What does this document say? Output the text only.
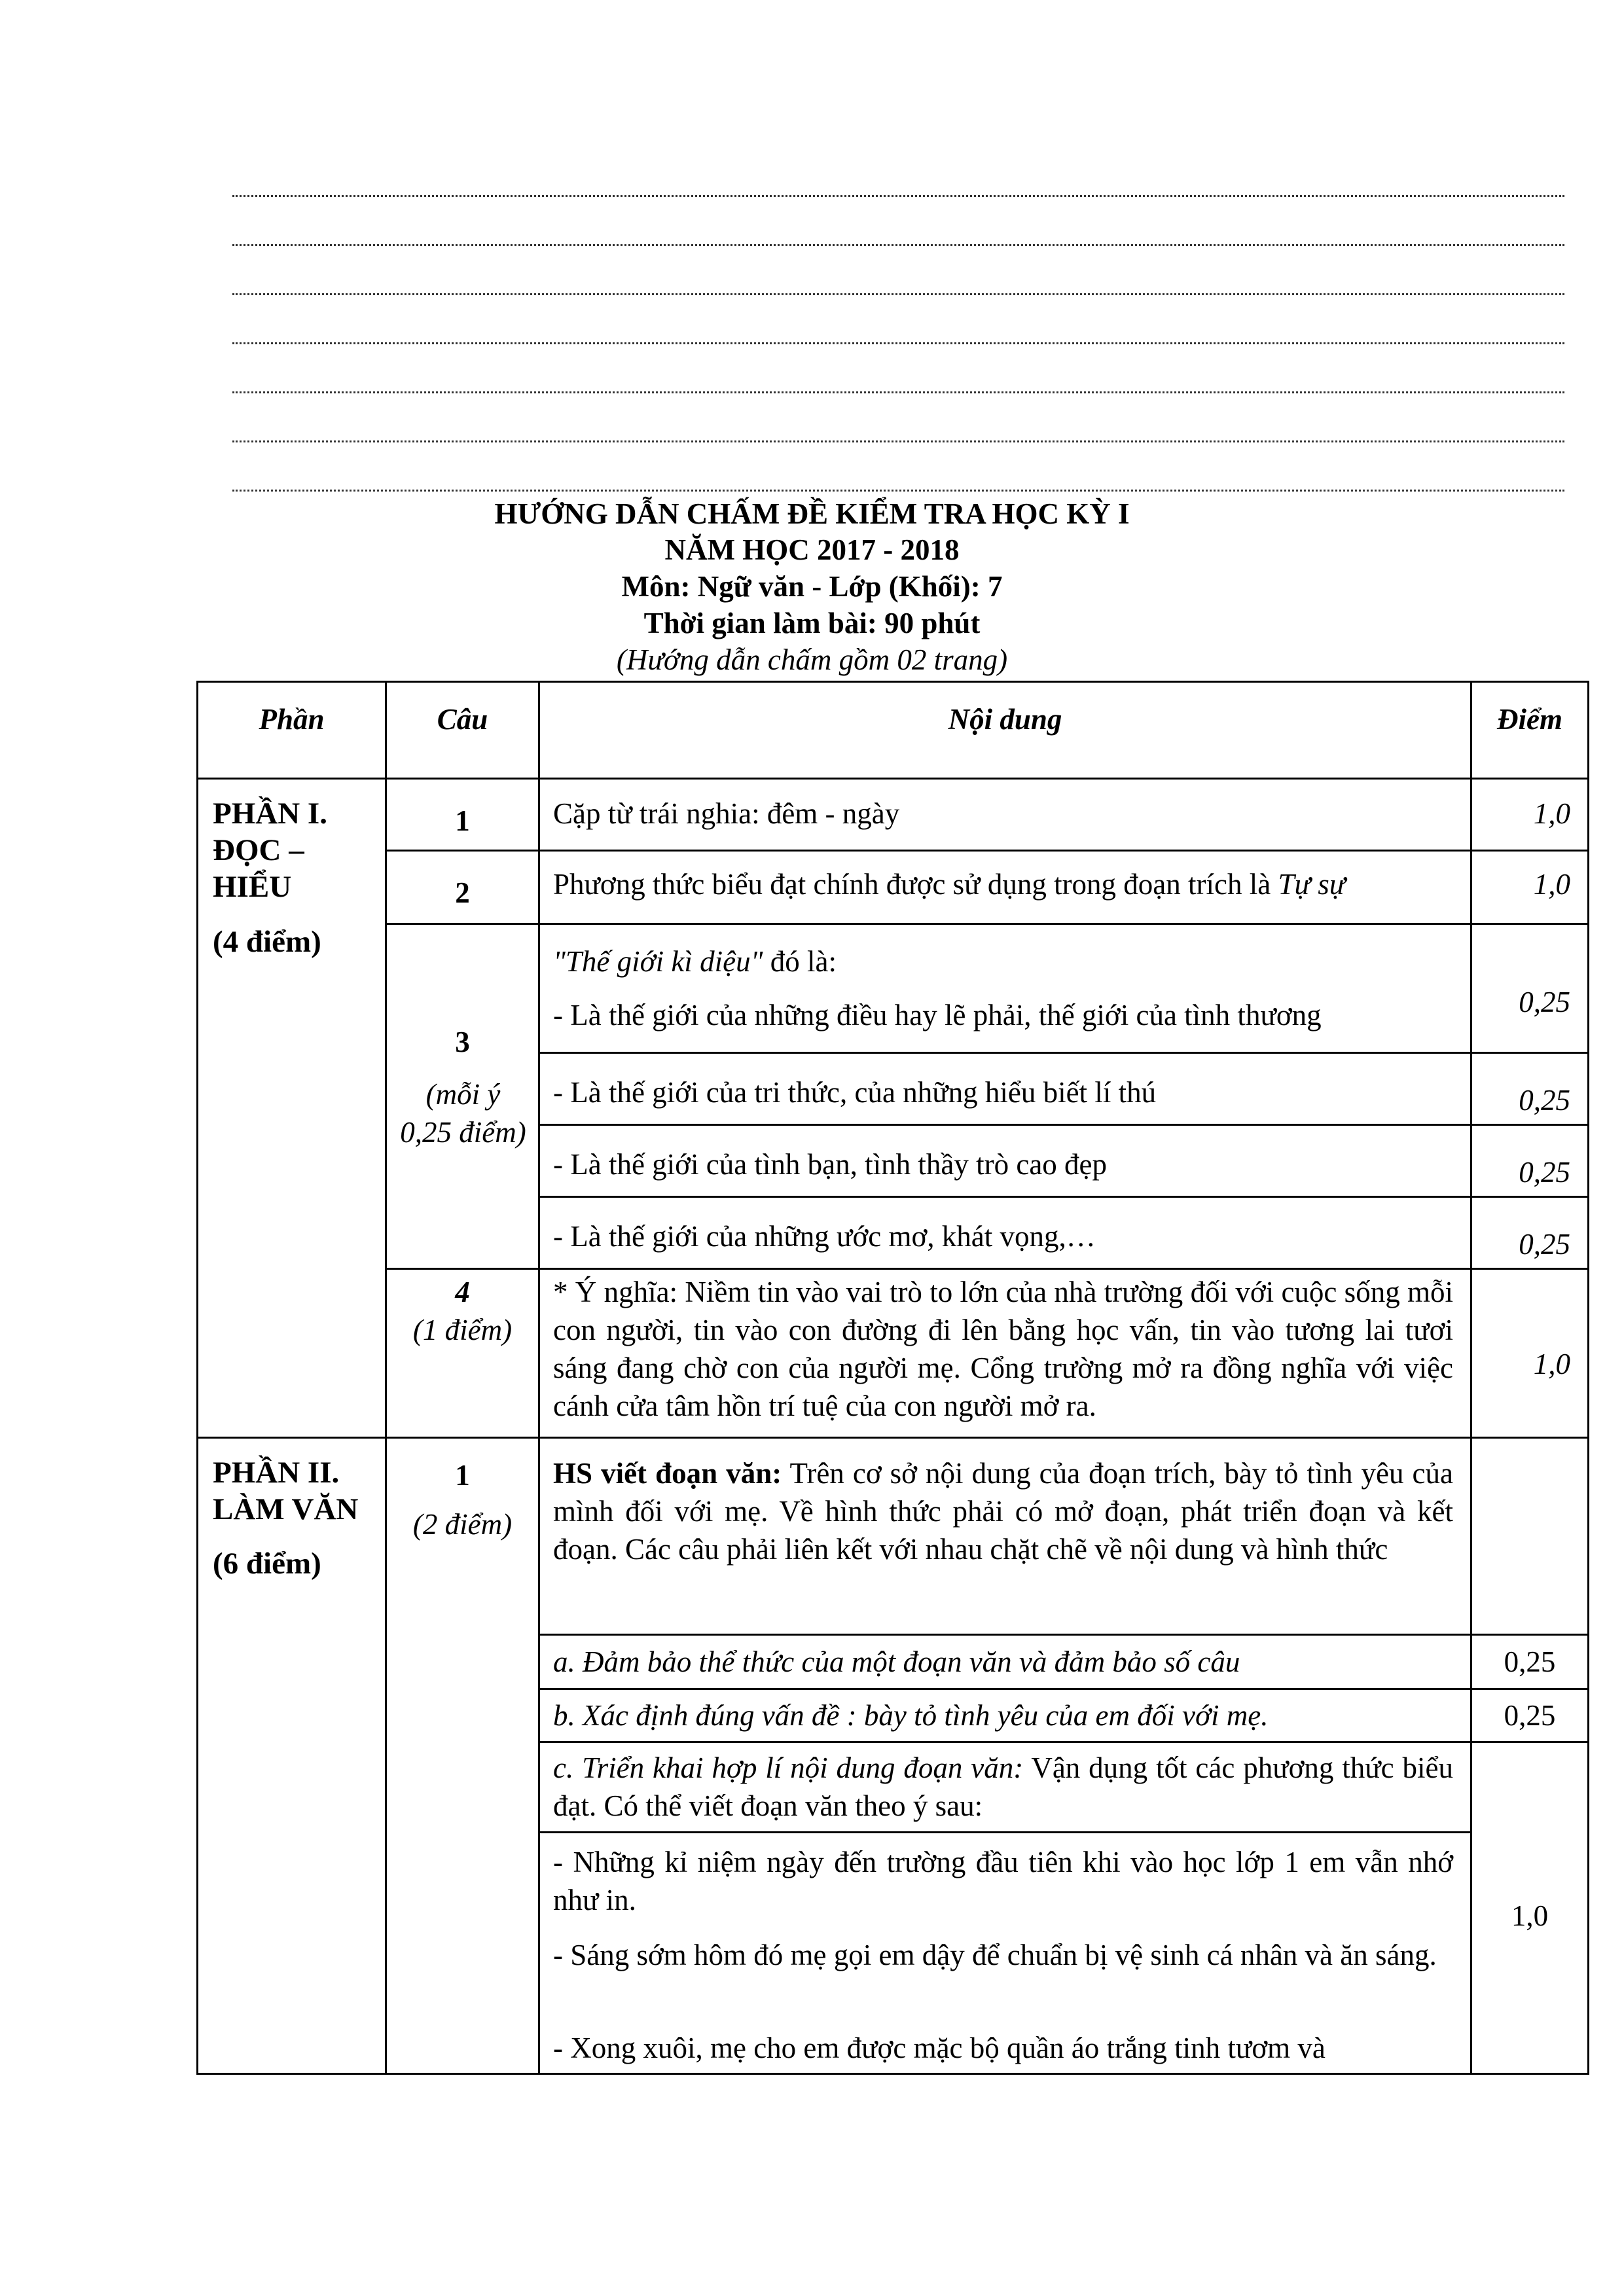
HƯỚNG DẪN CHẤM ĐỀ KIỂM TRA HỌC KỲ I
NĂM HỌC 2017 - 2018
Môn: Ngữ văn - Lớp (Khối): 7
Thời gian làm bài: 90 phút
(Hướng dẫn chấm gồm 02 trang)
Phần	Câu	Nội dung	Điểm
PHẦN I. ĐỌC – HIỂU
(4 điểm)
1	Cặp từ trái nghia: đêm - ngày	1,0
2	Phương thức biểu đạt chính được sử dụng trong đoạn trích là Tự sự	1,0
3
(mỗi ý 0,25 điểm)
"Thế giới kì diệu" đó là:
- Là thế giới của những điều hay lẽ phải, thế giới của tình thương	0,25
- Là thế giới của tri thức, của những hiểu biết lí thú	0,25
- Là thế giới của tình bạn, tình thầy trò cao đẹp	0,25
- Là thế giới của những ước mơ, khát vọng,…	0,25
4
(1 điểm)
* Ý nghĩa: Niềm tin vào vai trò to lớn của nhà trường đối với cuộc sống mỗi con người, tin vào con đường đi lên bằng học vấn, tin vào tương lai tươi sáng đang chờ con của người mẹ. Cổng trường mở ra đồng nghĩa với việc cánh cửa tâm hồn trí tuệ của con người mở ra.
1,0
PHẦN II. LÀM VĂN
(6 điểm)
1
(2 điểm)
HS viết đoạn văn: Trên cơ sở nội dung của đoạn trích, bày tỏ tình yêu của mình đối với mẹ. Về hình thức phải có mở đoạn, phát triển đoạn và kết đoạn. Các câu phải liên kết với nhau chặt chẽ về nội dung và hình thức
a. Đảm bảo thể thức của một đoạn văn và đảm bảo số câu	0,25
b. Xác định đúng vấn đề : bày tỏ tình yêu của em đối với mẹ.	0,25
c. Triển khai hợp lí nội dung đoạn văn: Vận dụng tốt các phương thức biểu đạt. Có thể viết đoạn văn theo ý sau:
- Những kỉ niệm ngày đến trường đầu tiên khi vào học lớp 1 em vẫn nhớ như in.
- Sáng sớm hôm đó mẹ gọi em dậy để chuẩn bị vệ sinh cá nhân và ăn sáng.
- Xong xuôi, mẹ cho em được mặc bộ quần áo trắng tinh tươm và
1,0
